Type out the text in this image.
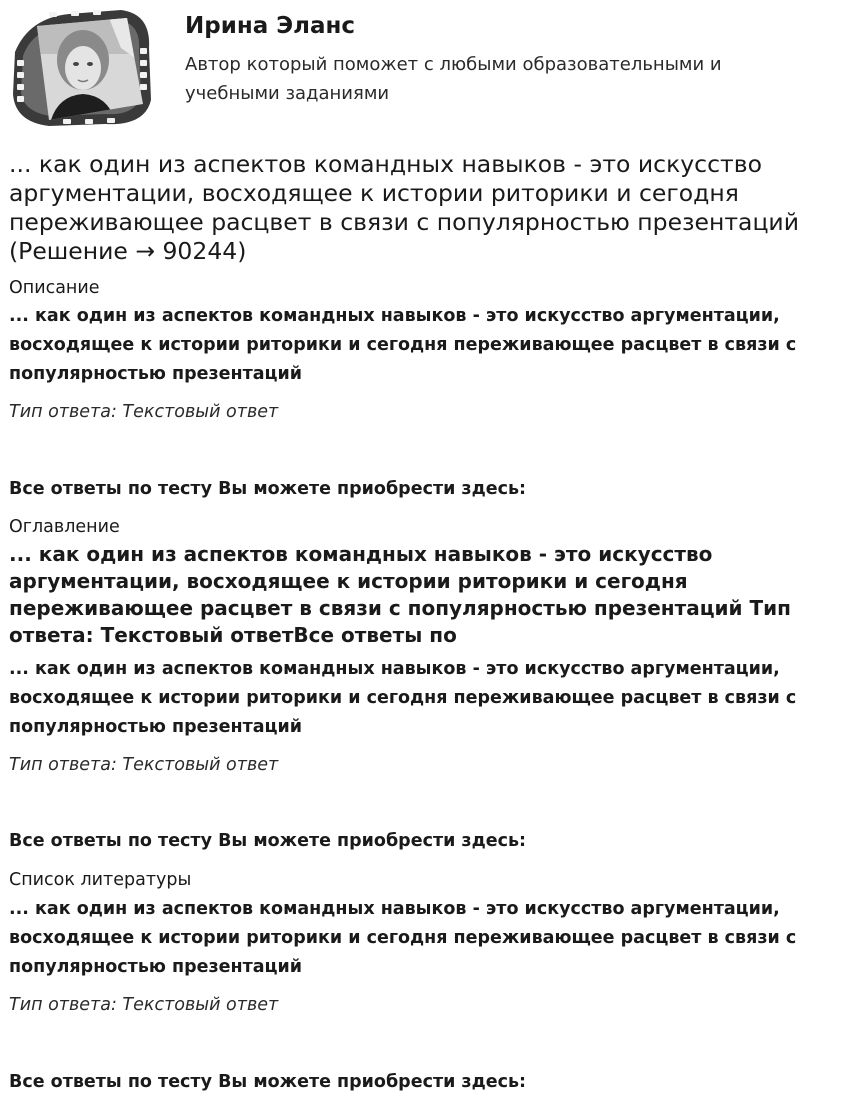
Ирина Эланс
Автор который поможет с любыми образовательными и учебными заданиями
... как один из аспектов командных навыков - это искусство аргументации, восходящее к истории риторики и сегодня переживающее расцвет в связи с популярностью презентаций (Решение → 90244)
Описание
... как один из аспектов командных навыков - это искусство аргументации, восходящее к истории риторики и сегодня переживающее расцвет в связи с популярностью презентаций
Тип ответа: Текстовый ответ
Все ответы по тесту Вы можете приобрести здесь:
Оглавление
... как один из аспектов командных навыков - это искусство аргументации, восходящее к истории риторики и сегодня переживающее расцвет в связи с популярностью презентаций Тип ответа: Текстовый ответВсе ответы по
... как один из аспектов командных навыков - это искусство аргументации, восходящее к истории риторики и сегодня переживающее расцвет в связи с популярностью презентаций
Тип ответа: Текстовый ответ
Все ответы по тесту Вы можете приобрести здесь:
Список литературы
... как один из аспектов командных навыков - это искусство аргументации, восходящее к истории риторики и сегодня переживающее расцвет в связи с популярностью презентаций
Тип ответа: Текстовый ответ
Все ответы по тесту Вы можете приобрести здесь:
